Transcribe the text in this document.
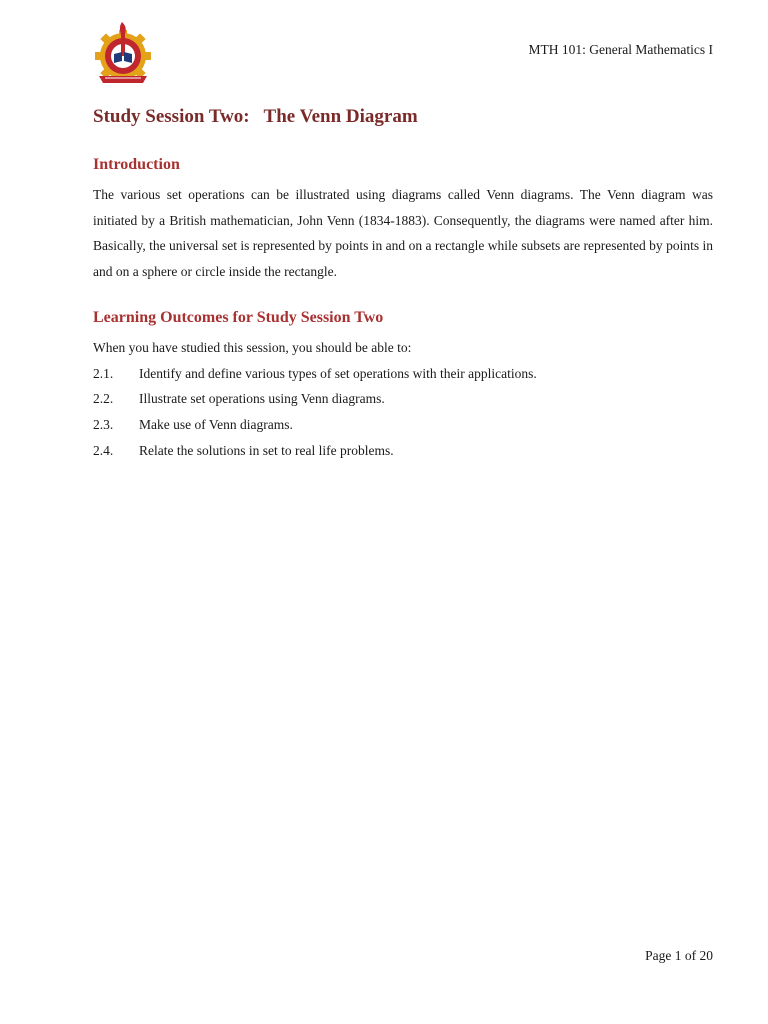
MTH 101: General Mathematics I
Study Session Two:   The Venn Diagram
Introduction

The various set operations can be illustrated using diagrams called Venn diagrams. The Venn diagram was initiated by a British mathematician, John Venn (1834-1883). Consequently, the diagrams were named after him. Basically, the universal set is represented by points in and on a rectangle while subsets are represented by points in and on a sphere or circle inside the rectangle.

Learning Outcomes for Study Session Two

When you have studied this session, you should be able to:

2.1.	Identify and define various types of set operations with their applications.
2.2.	Illustrate set operations using Venn diagrams.
2.3.	Make use of Venn diagrams.
2.4.	Relate the solutions in set to real life problems.
Page 1 of 20
